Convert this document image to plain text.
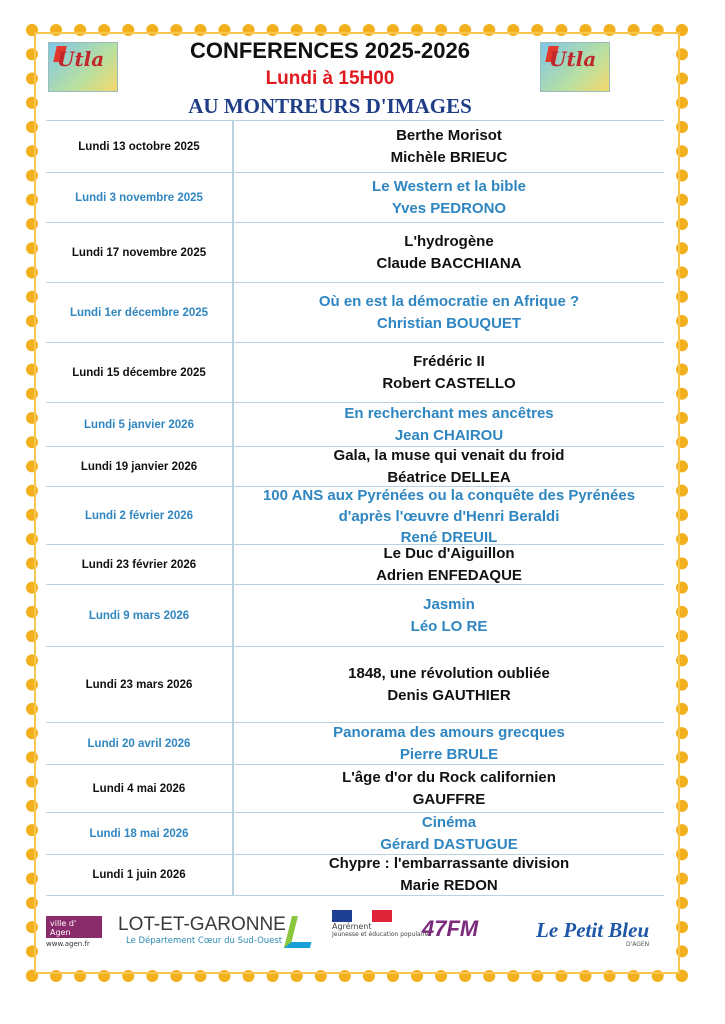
Utla	Utla
CONFERENCES 2025-2026
Lundi à 15H00
AU MONTREURS D'IMAGES
Lundi 13 octobre 2025
Berthe Morisot
Michèle BRIEUC
Lundi 3 novembre 2025
Le Western et la bible
Yves PEDRONO
Lundi 17 novembre 2025
L'hydrogène
Claude BACCHIANA
Lundi 1er décembre 2025
Où en est la démocratie en Afrique ?
Christian BOUQUET
Lundi 15 décembre 2025
Frédéric II
Robert CASTELLO
Lundi 5 janvier 2026
En recherchant mes ancêtres
Jean CHAIROU
Lundi 19 janvier 2026
Gala, la muse qui venait du froid
Béatrice DELLEA
Lundi 2 février 2026
100 ANS aux Pyrénées ou la conquête des Pyrénées
d'après l'œuvre d'Henri Beraldi
René DREUIL
Lundi 23 février 2026
Le Duc d'Aiguillon
Adrien ENFEDAQUE
Lundi 9 mars 2026
Jasmin
Léo LO RE
Lundi 23 mars 2026
1848, une révolution oubliée
Denis GAUTHIER
Lundi 20 avril 2026
Panorama des amours grecques
Pierre BRULE
Lundi 4 mai 2026
L'âge d'or du Rock californien
GAUFFRE
Lundi 18 mai 2026
Cinéma
Gérard DASTUGUE
Lundi 1 juin 2026
Chypre : l'embarrassante division
Marie REDON
ville d' Agen
www.agen.fr
LOT-ET-GARONNE
Le Département Cœur du Sud-Ouest
Agrément
Jeunesse et éducation populaire
47FM	Le Petit Bleu
D'AGEN
